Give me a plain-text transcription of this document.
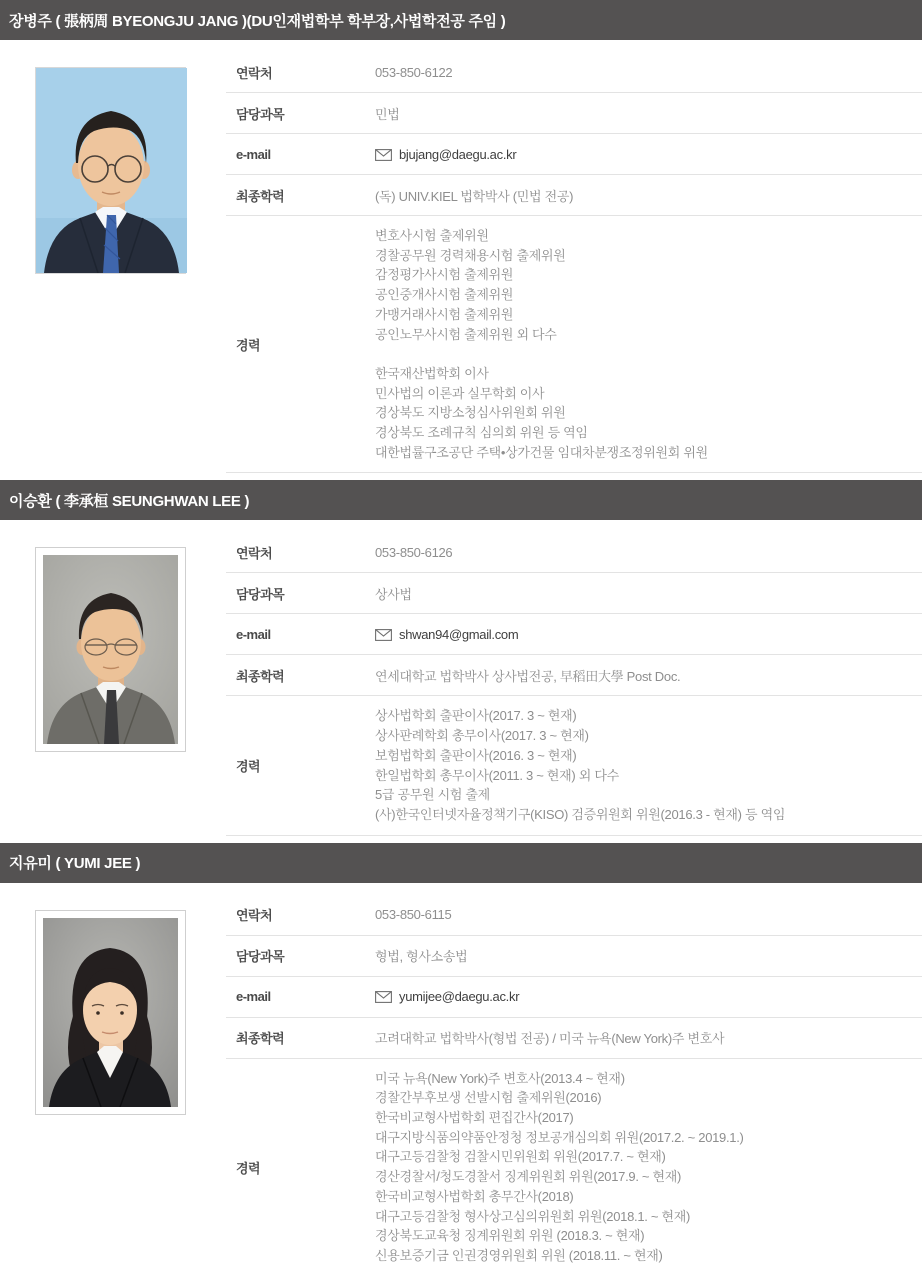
장병주 ( 張柄周 BYEONGJU JANG )(DU인재법학부 학부장,사법학전공 주임 )
연락처	053-850-6122
담당과목	민법
e-mail	bjujang@daegu.ac.kr
최종학력	(독) UNIV.KIEL 법학박사 (민법 전공)
경력
변호사시험 출제위원
경찰공무원 경력채용시험 출제위원
감정평가사시험 출제위원
공인중개사시험 출제위원
가맹거래사시험 출제위원
공인노무사시험 출제위원 외 다수

한국재산법학회 이사
민사법의 이론과 실무학회 이사
경상북도 지방소청심사위원회 위원
경상북도 조례규칙 심의회 위원 등 역임
대한법률구조공단 주택•상가건물 임대차분쟁조정위원회 위원
이승환 ( 李承桓 SEUNGHWAN LEE )
연락처	053-850-6126
담당과목	상사법
e-mail	shwan94@gmail.com
최종학력	연세대학교 법학박사 상사법전공, 早稻田大學 Post Doc.
경력
상사법학회 출판이사(2017. 3 ~ 현재)
상사판례학회 총무이사(2017. 3 ~ 현재)
보험법학회 출판이사(2016. 3 ~ 현재)
한일법학회 총무이사(2011. 3 ~ 현재) 외 다수
5급 공무원 시험 출제
(사)한국인터넷자율정책기구(KISO) 검증위원회 위원(2016.3 - 현재) 등 역임
지유미 ( YUMI JEE )
연락처	053-850-6115
담당과목	형법, 형사소송법
e-mail	yumijee@daegu.ac.kr
최종학력	고려대학교 법학박사(형법 전공) / 미국 뉴욕(New York)주 변호사
경력
미국 뉴욕(New York)주 변호사(2013.4 ~ 현재)
경찰간부후보생 선발시험 출제위원(2016)
한국비교형사법학회 편집간사(2017)
대구지방식품의약품안정청 정보공개심의회 위원(2017.2. ~ 2019.1.)
대구고등검찰청 검찰시민위원회 위원(2017.7. ~ 현재)
경산경찰서/청도경찰서 징계위원회 위원(2017.9. ~ 현재)
한국비교형사법학회 총무간사(2018)
대구고등검찰청 형사상고심의위원회 위원(2018.1. ~ 현재)
경상북도교육청 징계위원회 위원 (2018.3. ~ 현재)
신용보증기금 인권경영위원회 위원 (2018.11. ~ 현재)
